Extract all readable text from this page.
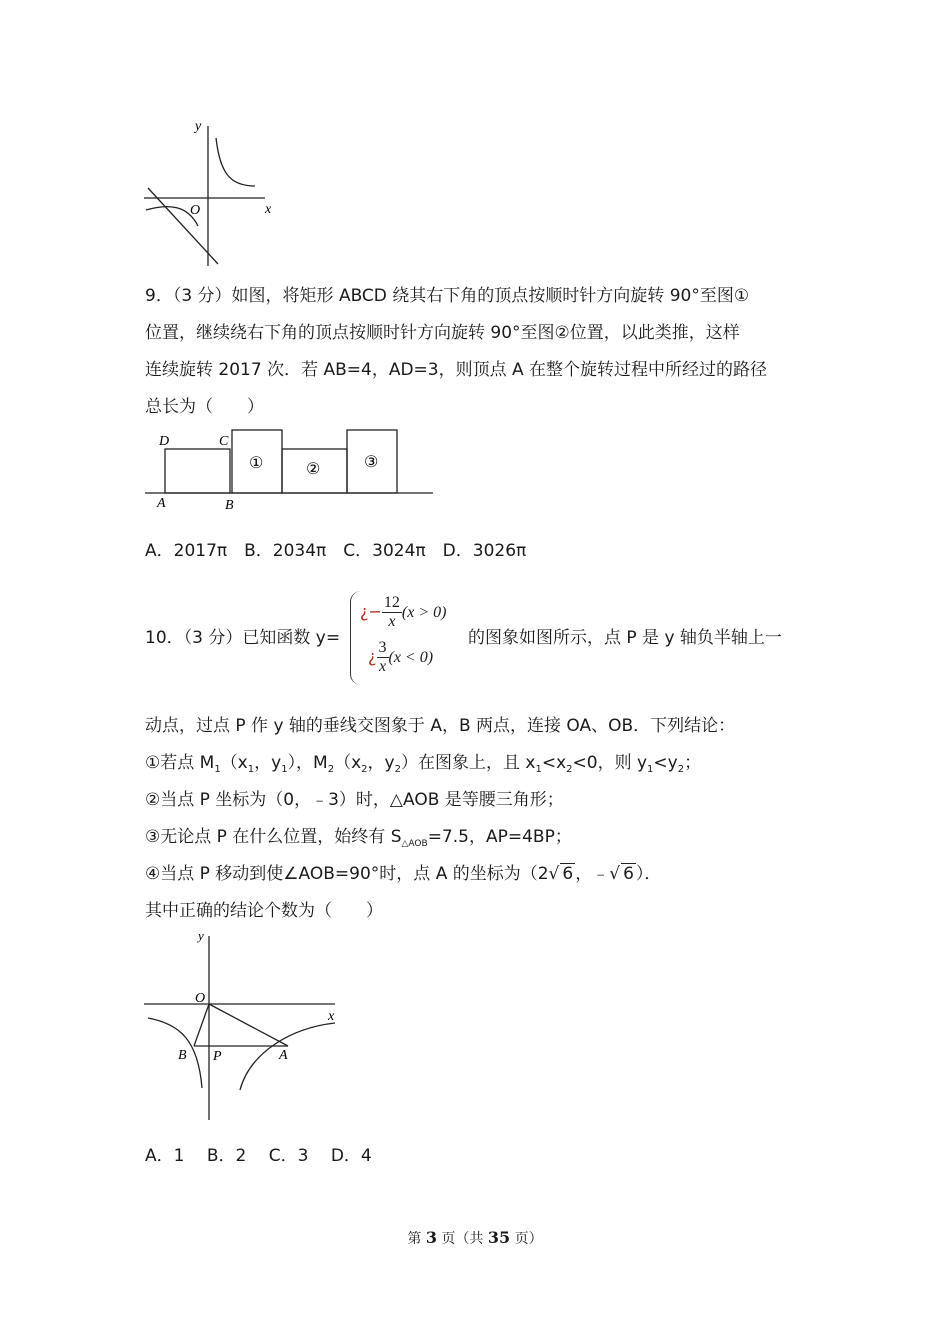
y
x
O
9．（3 分）如图，将矩形 ABCD 绕其右下角的顶点按顺时针方向旋转 90°至图①
位置，继续绕右下角的顶点按顺时针方向旋转 90°至图②位置，以此类推，这样
连续旋转 2017 次．若 AB=4，AD=3，则顶点 A 在整个旋转过程中所经过的路径
总长为（　　）
D	C
A	B
①	②	③
A．2017π　B．2034π　C．3024π　D．3026π
10．（3 分）已知函数 y=
¿− $\frac{12}{x} (x > 0)$
¿ $\frac{3}{x} (x < 0)$
的图象如图所示，点 P 是 y 轴负半轴上一
动点，过点 P 作 y 轴的垂线交图象于 A，B 两点，连接 OA、OB．下列结论：
①若点 $M_1(x_1$，$y_1$），$M_2(x_2$，$y_2$）在图象上，且 $x_1<x_2<0$，则 $y_1<y_2$；
②当点 P 坐标为（0，﹣3）时，△AOB 是等腰三角形；
③无论点 P 在什么位置，始终有 $S_{\triangle AOB}=7.5$，AP=4BP；
④当点 P 移动到使∠AOB=90°时，点 A 的坐标为（2√ 6 ，﹣√ 6 ）．
其中正确的结论个数为（　　）
y
x
O
B P	A
A．1　 B．2　 C．3　 D．4
第 3 页（共 35 页）
